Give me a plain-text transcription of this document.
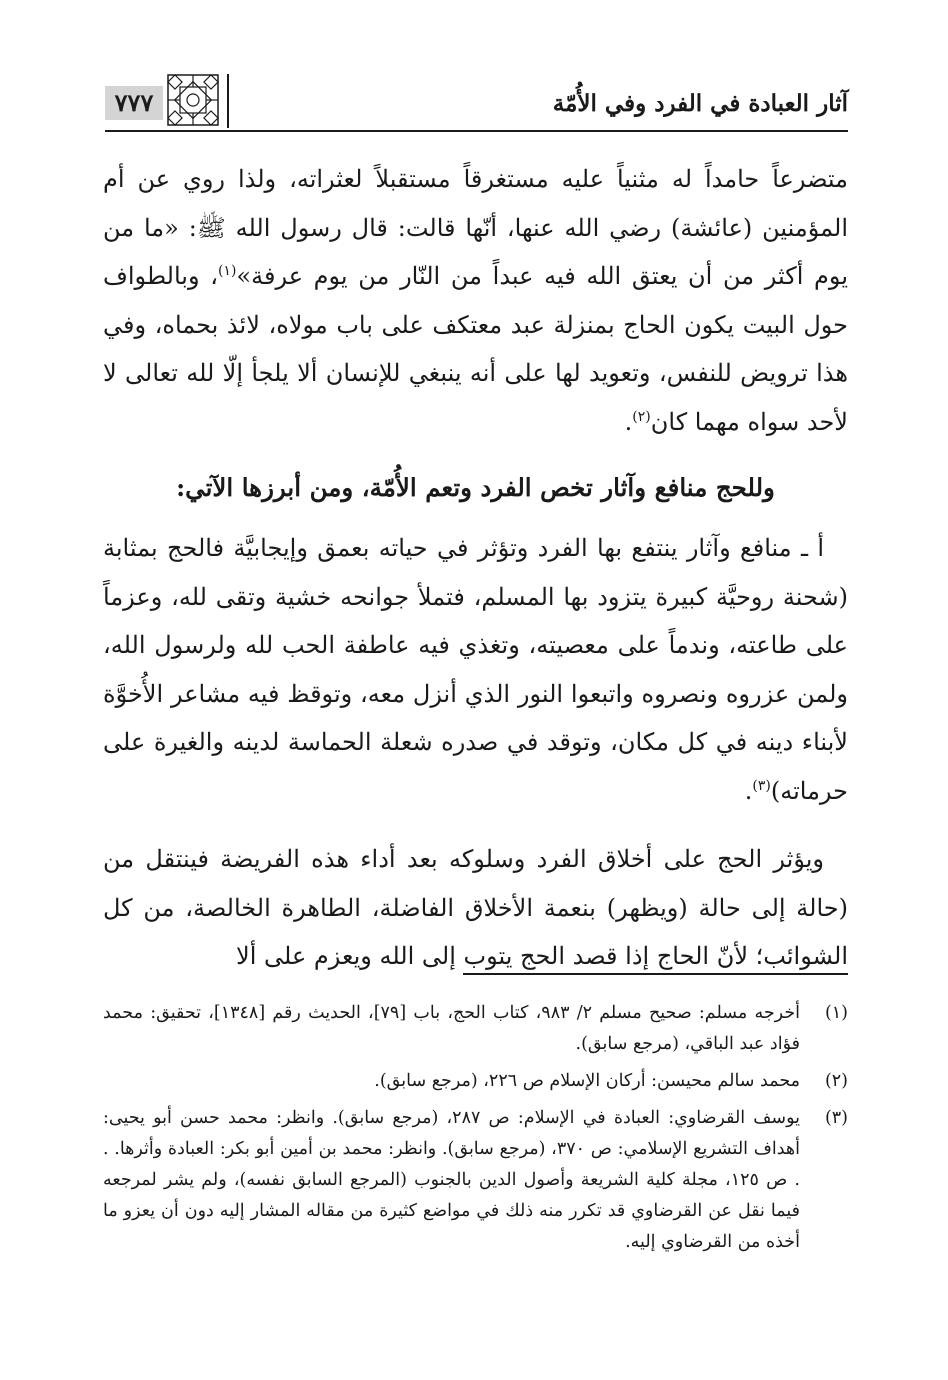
آثار العبادة في الفرد وفي الأُمّة
٧٧٧

متضرعاً حامداً له مثنياً عليه مستغرقاً مستقبلاً لعثراته، ولذا روي عن أم المؤمنين (عائشة) رضي الله عنها، أنّها قالت: قال رسول الله ﷺ: «ما من يوم أكثر من أن يعتق الله فيه عبداً من النّار من يوم عرفة»$^{(١)}$، وبالطواف حول البيت يكون الحاج بمنزلة عبد معتكف على باب مولاه، لائذ بحماه، وفي هذا ترويض للنفس، وتعويد لها على أنه ينبغي للإنسان ألا يلجأ إلّا لله تعالى لا لأحد سواه مهما كان$^{(٢)}$.

وللحج منافع وآثار تخص الفرد وتعم الأُمّة، ومن أبرزها الآتي:

أ ـ منافع وآثار ينتفع بها الفرد وتؤثر في حياته بعمق وإيجابيَّة فالحج بمثابة (شحنة روحيَّة كبيرة يتزود بها المسلم، فتملأ جوانحه خشية وتقى لله، وعزماً على طاعته، وندماً على معصيته، وتغذي فيه عاطفة الحب لله ولرسول الله، ولمن عزروه ونصروه واتبعوا النور الذي أنزل معه، وتوقظ فيه مشاعر الأُخوَّة لأبناء دينه في كل مكان، وتوقد في صدره شعلة الحماسة لدينه والغيرة على حرماته)$^{(٣)}$.

ويؤثر الحج على أخلاق الفرد وسلوكه بعد أداء هذه الفريضة فينتقل من (حالة إلى حالة (ويظهر) بنعمة الأخلاق الفاضلة، الطاهرة الخالصة، من كل الشوائب؛ لأنّ الحاج إذا قصد الحج يتوب إلى الله ويعزم على ألا

(١)
أخرجه مسلم: صحيح مسلم ٢/ ٩٨٣، كتاب الحج، باب [٧٩]، الحديث رقم [١٣٤٨]، تحقيق: محمد فؤاد عبد الباقي، (مرجع سابق).
(٢)
محمد سالم محيسن: أركان الإسلام ص ٢٢٦، (مرجع سابق).
(٣)
يوسف القرضاوي: العبادة في الإسلام: ص ٢٨٧، (مرجع سابق). وانظر: محمد حسن أبو يحيى: أهداف التشريع الإسلامي: ص ٣٧٠، (مرجع سابق). وانظر: محمد بن أمين أبو بكر: العبادة وأثرها. . . ص ١٢٥، مجلة كلية الشريعة وأصول الدين بالجنوب (المرجع السابق نفسه)، ولم يشر لمرجعه فيما نقل عن القرضاوي قد تكرر منه ذلك في مواضع كثيرة من مقاله المشار إليه دون أن يعزو ما أخذه من القرضاوي إليه.
